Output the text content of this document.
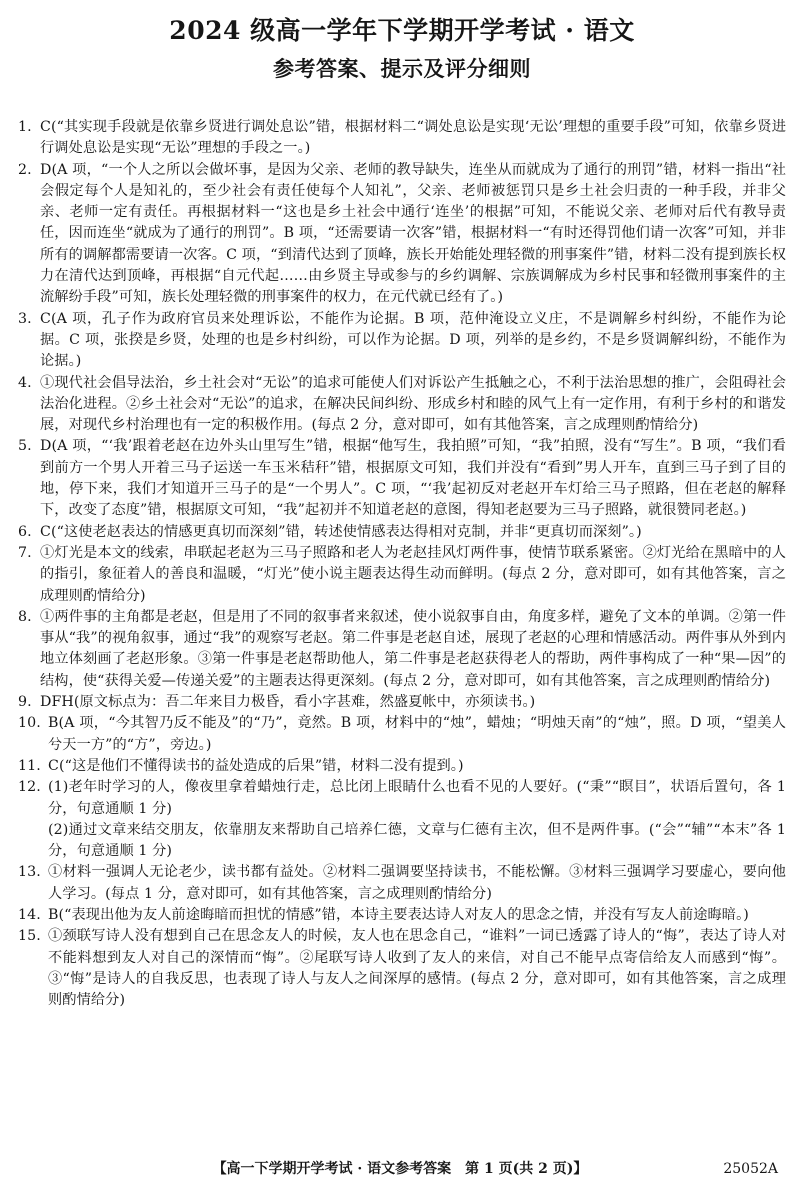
2024 级高一学年下学期开学考试 · 语文
参考答案、提示及评分细则

1. C(“其实现手段就是依靠乡贤进行调处息讼”错，根据材料二“调处息讼是实现‘无讼’理想的重要手段”可知，依靠乡贤进行调处息讼是实现“无讼”理想的手段之一。)

2. D(A 项，“一个人之所以会做坏事，是因为父亲、老师的教导缺失，连坐从而就成为了通行的刑罚”错，材料一指出“社会假定每个人是知礼的，至少社会有责任使每个人知礼”，父亲、老师被惩罚只是乡土社会归责的一种手段，并非父亲、老师一定有责任。再根据材料一“这也是乡土社会中通行‘连坐’的根据”可知，不能说父亲、老师对后代有教导责任，因而连坐“就成为了通行的刑罚”。B 项，“还需要请一次客”错，根据材料一“有时还得罚他们请一次客”可知，并非所有的调解都需要请一次客。C 项，“到清代达到了顶峰，族长开始能处理轻微的刑事案件”错，材料二没有提到族长权力在清代达到顶峰，再根据“自元代起……由乡贤主导或参与的乡约调解、宗族调解成为乡村民事和轻微刑事案件的主流解纷手段”可知，族长处理轻微的刑事案件的权力，在元代就已经有了。)

3. C(A 项，孔子作为政府官员来处理诉讼，不能作为论据。B 项，范仲淹设立义庄，不是调解乡村纠纷，不能作为论据。C 项，张揆是乡贤，处理的也是乡村纠纷，可以作为论据。D 项，列举的是乡约，不是乡贤调解纠纷，不能作为论据。)

4. ①现代社会倡导法治，乡土社会对“无讼”的追求可能使人们对诉讼产生抵触之心，不利于法治思想的推广，会阻碍社会法治化进程。②乡土社会对“无讼”的追求，在解决民间纠纷、形成乡村和睦的风气上有一定作用，有利于乡村的和谐发展，对现代乡村治理也有一定的积极作用。(每点 2 分，意对即可，如有其他答案，言之成理则酌情给分)

5. D(A 项，“‘我’跟着老赵在边外头山里写生”错，根据“他写生，我拍照”可知，“我”拍照，没有“写生”。B 项，“我们看到前方一个男人开着三马子运送一车玉米秸秆”错，根据原文可知，我们并没有“看到”男人开车，直到三马子到了目的地，停下来，我们才知道开三马子的是“一个男人”。C 项，“‘我’起初反对老赵开车灯给三马子照路，但在老赵的解释下，改变了态度”错，根据原文可知，“我”起初并不知道老赵的意图，得知老赵要为三马子照路，就很赞同老赵。)

6. C(“这使老赵表达的情感更真切而深刻”错，转述使情感表达得相对克制，并非“更真切而深刻”。)

7. ①灯光是本文的线索，串联起老赵为三马子照路和老人为老赵挂风灯两件事，使情节联系紧密。②灯光给在黑暗中的人的指引，象征着人的善良和温暖，“灯光”使小说主题表达得生动而鲜明。(每点 2 分，意对即可，如有其他答案，言之成理则酌情给分)

8. ①两件事的主角都是老赵，但是用了不同的叙事者来叙述，使小说叙事自由，角度多样，避免了文本的单调。②第一件事从“我”的视角叙事，通过“我”的观察写老赵。第二件事是老赵自述，展现了老赵的心理和情感活动。两件事从外到内地立体刻画了老赵形象。③第一件事是老赵帮助他人，第二件事是老赵获得老人的帮助，两件事构成了一种“果—因”的结构，使“获得关爱—传递关爱”的主题表达得更深刻。(每点 2 分，意对即可，如有其他答案，言之成理则酌情给分)

9. DFH(原文标点为：吾二年来目力极昏，看小字甚难，然盛夏帐中，亦须读书。)

10. B(A 项，“今其智乃反不能及”的“乃”，竟然。B 项，材料中的“烛”，蜡烛；“明烛天南”的“烛”，照。D 项，“望美人兮天一方”的“方”，旁边。)

11. C(“这是他们不懂得读书的益处造成的后果”错，材料二没有提到。)

12. (1)老年时学习的人，像夜里拿着蜡烛行走，总比闭上眼睛什么也看不见的人要好。(“秉”“瞑目”，状语后置句，各 1 分，句意通顺 1 分)
(2)通过文章来结交朋友，依靠朋友来帮助自己培养仁德，文章与仁德有主次，但不是两件事。(“会”“辅”“本末”各 1 分，句意通顺 1 分)

13. ①材料一强调人无论老少，读书都有益处。②材料二强调要坚持读书，不能松懈。③材料三强调学习要虚心，要向他人学习。(每点 1 分，意对即可，如有其他答案，言之成理则酌情给分)

14. B(“表现出他为友人前途晦暗而担忧的情感”错，本诗主要表达诗人对友人的思念之情，并没有写友人前途晦暗。)

15. ①颈联写诗人没有想到自己在思念友人的时候，友人也在思念自己，“谁料”一词已透露了诗人的“悔”，表达了诗人对不能料想到友人对自己的深情而“悔”。②尾联写诗人收到了友人的来信，对自己不能早点寄信给友人而感到“悔”。③“悔”是诗人的自我反思，也表现了诗人与友人之间深厚的感情。(每点 2 分，意对即可，如有其他答案，言之成理则酌情给分)

【高一下学期开学考试 · 语文参考答案　第 1 页(共 2 页)】	25052A
